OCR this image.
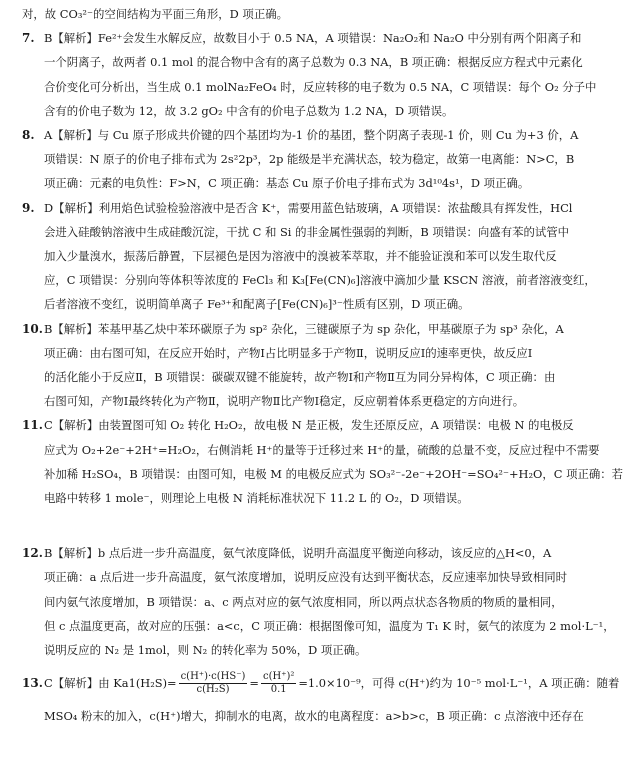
对，故 CO₃²⁻的空间结构为平面三角形，D 项正确。

7. B【解析】Fe²⁺会发生水解反应，故数目小于 0.5 NA，A 项错误：Na₂O₂和 Na₂O 中分别有两个阳离子和

一个阴离子，故两者 0.1 mol 的混合物中含有的离子总数为 0.3 NA，B 项正确：根据反应方程式中元素化

合价变化可分析出，当生成 0.1 molNa₂FeO₄ 时，反应转移的电子数为 0.5 NA，C 项错误：每个 O₂ 分子中

含有的价电子数为 12，故 3.2 gO₂ 中含有的价电子总数为 1.2 NA，D 项错误。

8. A【解析】与 Cu 原子形成共价键的四个基团均为-1 价的基团，整个阴离子表现-1 价，则 Cu 为+3 价，A

项错误：N 原子的价电子排布式为 2s²2p³，2p 能级是半充满状态，较为稳定，故第一电离能：N>C，B

项正确：元素的电负性：F>N，C 项正确：基态 Cu 原子价电子排布式为 3d¹⁰4s¹，D 项正确。

9. D【解析】利用焰色试验检验溶液中是否含 K⁺，需要用蓝色钴玻璃，A 项错误：浓盐酸具有挥发性，HCl

会进入硅酸钠溶液中生成硅酸沉淀，干扰 C 和 Si 的非金属性强弱的判断，B 项错误：向盛有苯的试管中

加入少量溴水，振荡后静置，下层褪色是因为溶液中的溴被苯萃取，并不能验证溴和苯可以发生取代反

应，C 项错误：分别向等体积等浓度的 FeCl₃ 和 K₃[Fe(CN)₆]溶液中滴加少量 KSCN 溶液，前者溶液变红，

后者溶液不变红，说明简单离子 Fe³⁺和配离子[Fe(CN)₆]³⁻性质有区别，D 项正确。

10. B【解析】苯基甲基乙炔中苯环碳原子为 sp² 杂化，三键碳原子为 sp 杂化，甲基碳原子为 sp³ 杂化，A

项正确：由右图可知，在反应开始时，产物Ⅰ占比明显多于产物Ⅱ，说明反应Ⅰ的速率更快，故反应Ⅰ

的活化能小于反应Ⅱ，B 项错误：碳碳双键不能旋转，故产物Ⅰ和产物Ⅱ互为同分异构体，C 项正确：由

右图可知，产物Ⅰ最终转化为产物Ⅱ，说明产物Ⅱ比产物Ⅰ稳定，反应朝着体系更稳定的方向进行。

11. C【解析】由装置图可知 O₂ 转化 H₂O₂，故电极 N 是正极，发生还原反应，A 项错误：电极 N 的电极反

应式为 O₂+2e⁻+2H⁺=H₂O₂，右侧消耗 H⁺的量等于迁移过来 H⁺的量，硫酸的总量不变，反应过程中不需要

补加稀 H₂SO₄，B 项错误：由图可知，电极 M 的电极反应式为 SO₃²⁻-2e⁻+2OH⁻=SO₄²⁻+H₂O，C 项正确：若

电路中转移 1 mole⁻，则理论上电极 N 消耗标准状况下 11.2 L 的 O₂，D 项错误。

12. B【解析】b 点后进一步升高温度，氨气浓度降低，说明升高温度平衡逆向移动，该反应的△H<0，A

项正确：a 点后进一步升高温度，氨气浓度增加，说明反应没有达到平衡状态，反应速率加快导致相同时

间内氨气浓度增加，B 项错误：a、c 两点对应的氨气浓度相同，所以两点状态各物质的物质的量相同，

但 c 点温度更高，故对应的压强：a<c，C 项正确：根据图像可知，温度为 T₁ K 时，氨气的浓度为 2 mol·L⁻¹，

说明反应的 N₂ 是 1mol，则 N₂ 的转化率为 50%，D 项正确。

13. C【解析】由 $Ka1(H_2S)= \frac{c(H^+)\cdot c(HS^-)}{\text{c(H₂S)}} = \frac{\text{c(H⁺)²}}{0.1} =1.0\times 10^{-9}$，可得 c(H⁺)约为 10⁻⁵ mol·L⁻¹，A 项正确：随着

MSO₄ 粉末的加入，c(H⁺)增大，抑制水的电离，故水的电离程度：a>b>c，B 项正确：c 点溶液中还存在
